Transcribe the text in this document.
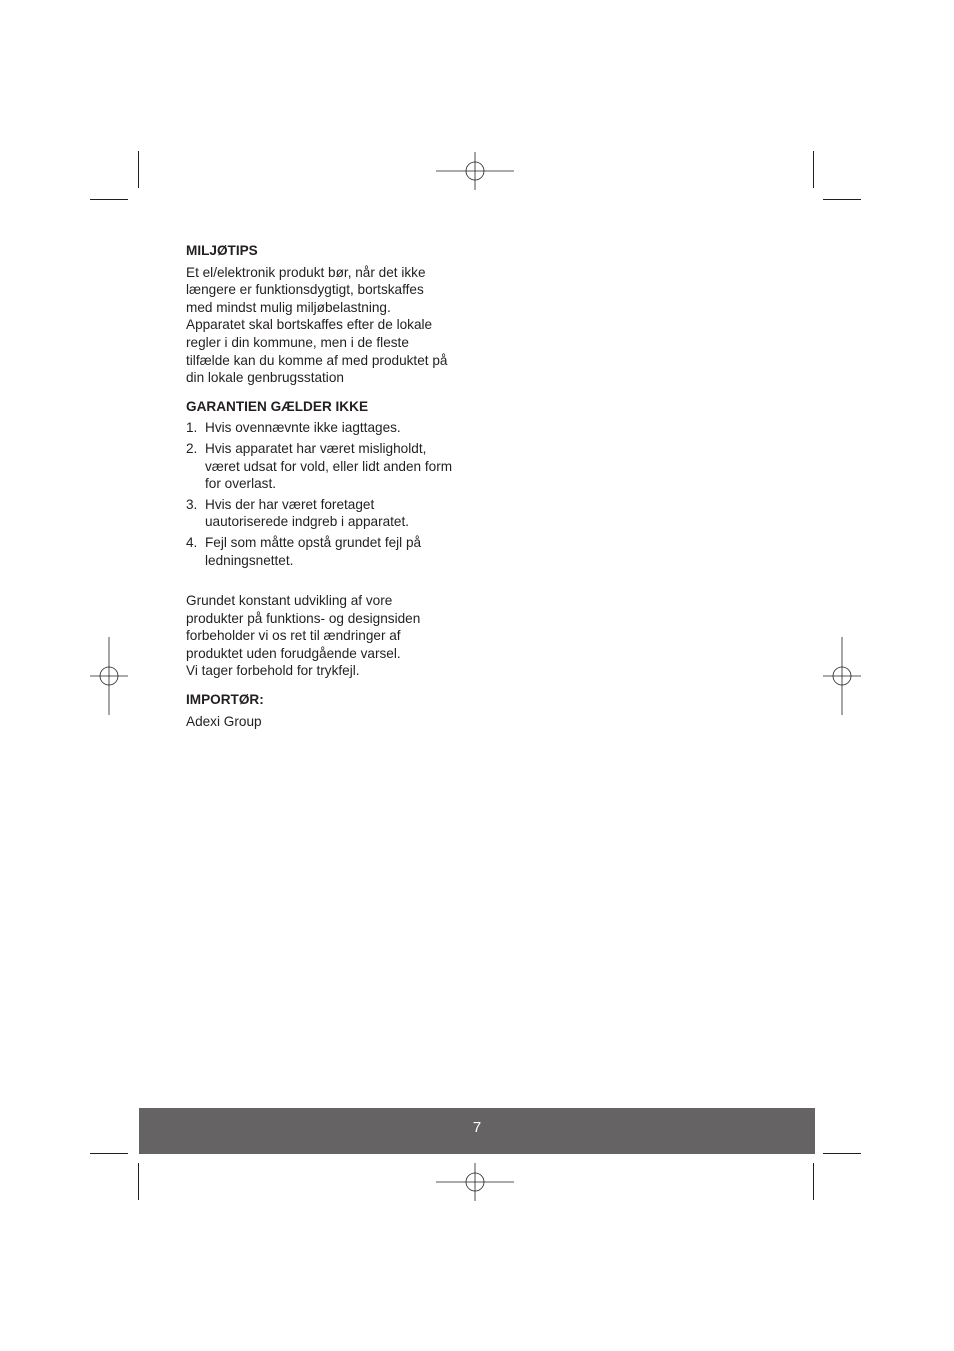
MILJØTIPS

Et el/elektronik produkt bør, når det ikke

længere er funktionsdygtigt, bortskaffes

med mindst mulig miljøbelastning.

Apparatet skal bortskaffes efter de lokale

regler i din kommune, men i de fleste

tilfælde kan du komme af med produktet på

din lokale genbrugsstation

GARANTIEN GÆLDER IKKE
1. Hvis ovennævnte ikke iagttages.

2. Hvis apparatet har været misligholdt,

været udsat for vold, eller lidt anden form

for overlast.

3. Hvis der har været foretaget

uautoriserede indgreb i apparatet.

4. Fejl som måtte opstå grundet fejl på

ledningsnettet.

Grundet konstant udvikling af vore

produkter på funktions- og designsiden

forbeholder vi os ret til ændringer af

produktet uden forudgående varsel.

Vi tager forbehold for trykfejl.

IMPORTØR:

Adexi Group

7
